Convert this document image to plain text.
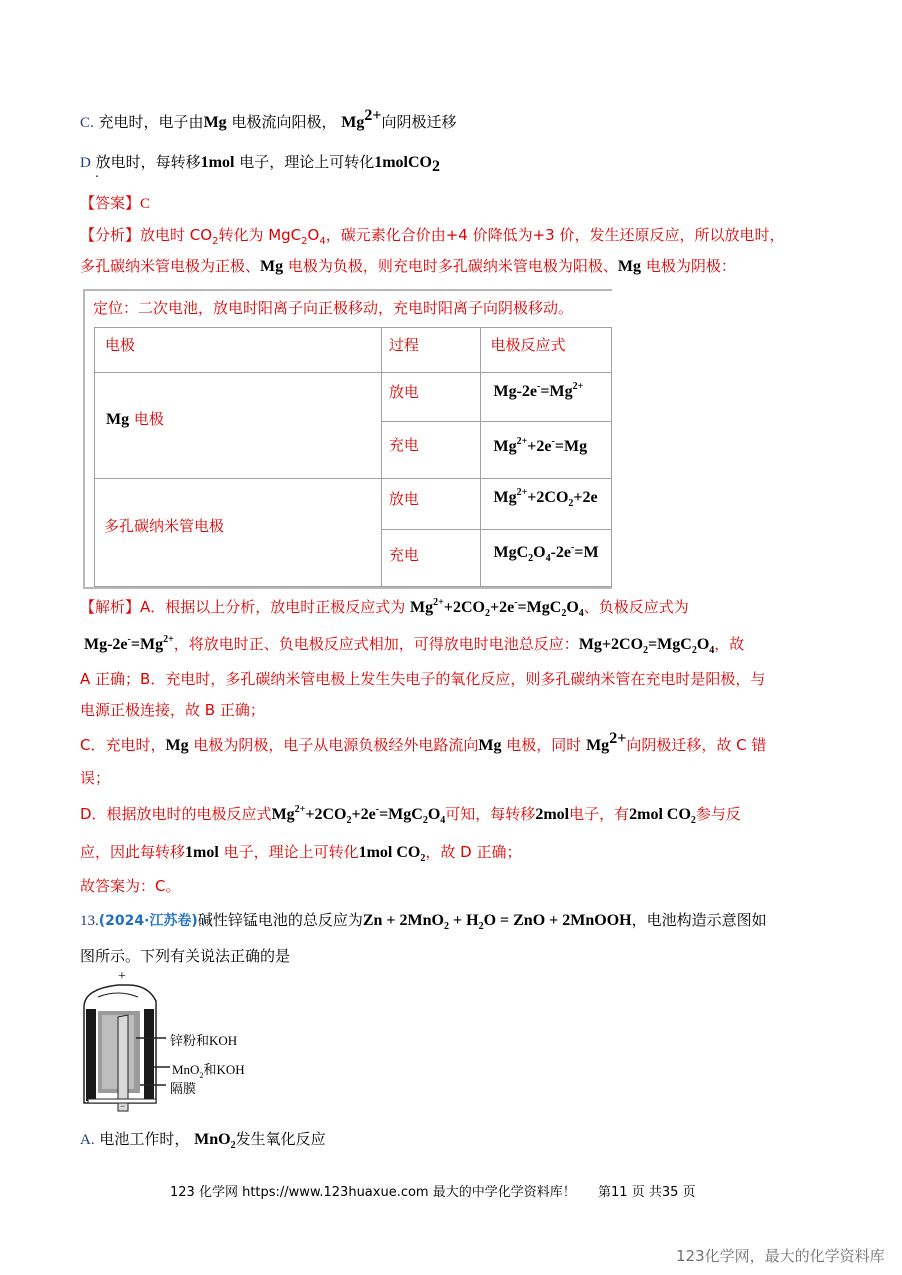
C. 充电时，电子由Mg 电极流向阳极， $Mg^{2+}$向阴极迁移
D 放电时，每转移1mol 电子，理论上可转化1molCO$_2$
.
【答案】C
【分析】放电时 $CO_2$转化为 $MgC_2O_4$，碳元素化合价由+4 价降低为+3 价，发生还原反应，所以放电时，
多孔碳纳米管电极为正极、Mg 电极为负极，则充电时多孔碳纳米管电极为阳极、Mg 电极为阴极：
定位：二次电池，放电时阳离子向正极移动，充电时阳离子向阴极移动。
电极	过程	电极反应式

Mg 电极	放电	$Mg-2e^-=Mg^{2+}$

	充电	$Mg^{2+}+2e^-=Mg$

多孔碳纳米管电极	放电	$Mg^{2+}+2CO_2+2e$

	充电	$MgC_2O_4-2e^-=M$
【解析】A．根据以上分析，放电时正极反应式为 $Mg^{2+}+2CO_2+2e^-=MgC_2O_4$、负极反应式为
$Mg-2e^-=Mg^{2+}$，将放电时正、负电极反应式相加，可得放电时电池总反应：$Mg+2CO_2=MgC_2O_4$，故
A 正确；B．充电时，多孔碳纳米管电极上发生失电子的氧化反应，则多孔碳纳米管在充电时是阳极，与
电源正极连接，故 B 正确；
C．充电时，Mg 电极为阴极，电子从电源负极经外电路流向Mg 电极，同时 $Mg^{2+}$向阴极迁移，故 C 错
误；
D．根据放电时的电极反应式$Mg^{2+}+2CO_2+2e^-=MgC_2O_4$可知，每转移2mol电子，有2mol $CO_2$参与反
应，因此每转移1mol 电子，理论上可转化1mol $CO_2$，故 D 正确；
故答案为：C。
13.(2024·江苏卷)碱性锌锰电池的总反应为$Zn + 2MnO_2 + H_2O$ = ZnO + 2MnOOH，电池构造示意图如
图所示。下列有关说法正确的是
+
−
锌粉和KOH
MnO$_2$和KOH
隔膜
A. 电池工作时， MnO$_2$发生氧化反应
123 化学网 https://www.123huaxue.com 最大的中学化学资料库！ 第11 页 共35 页
123化学网，最大的化学资料库
